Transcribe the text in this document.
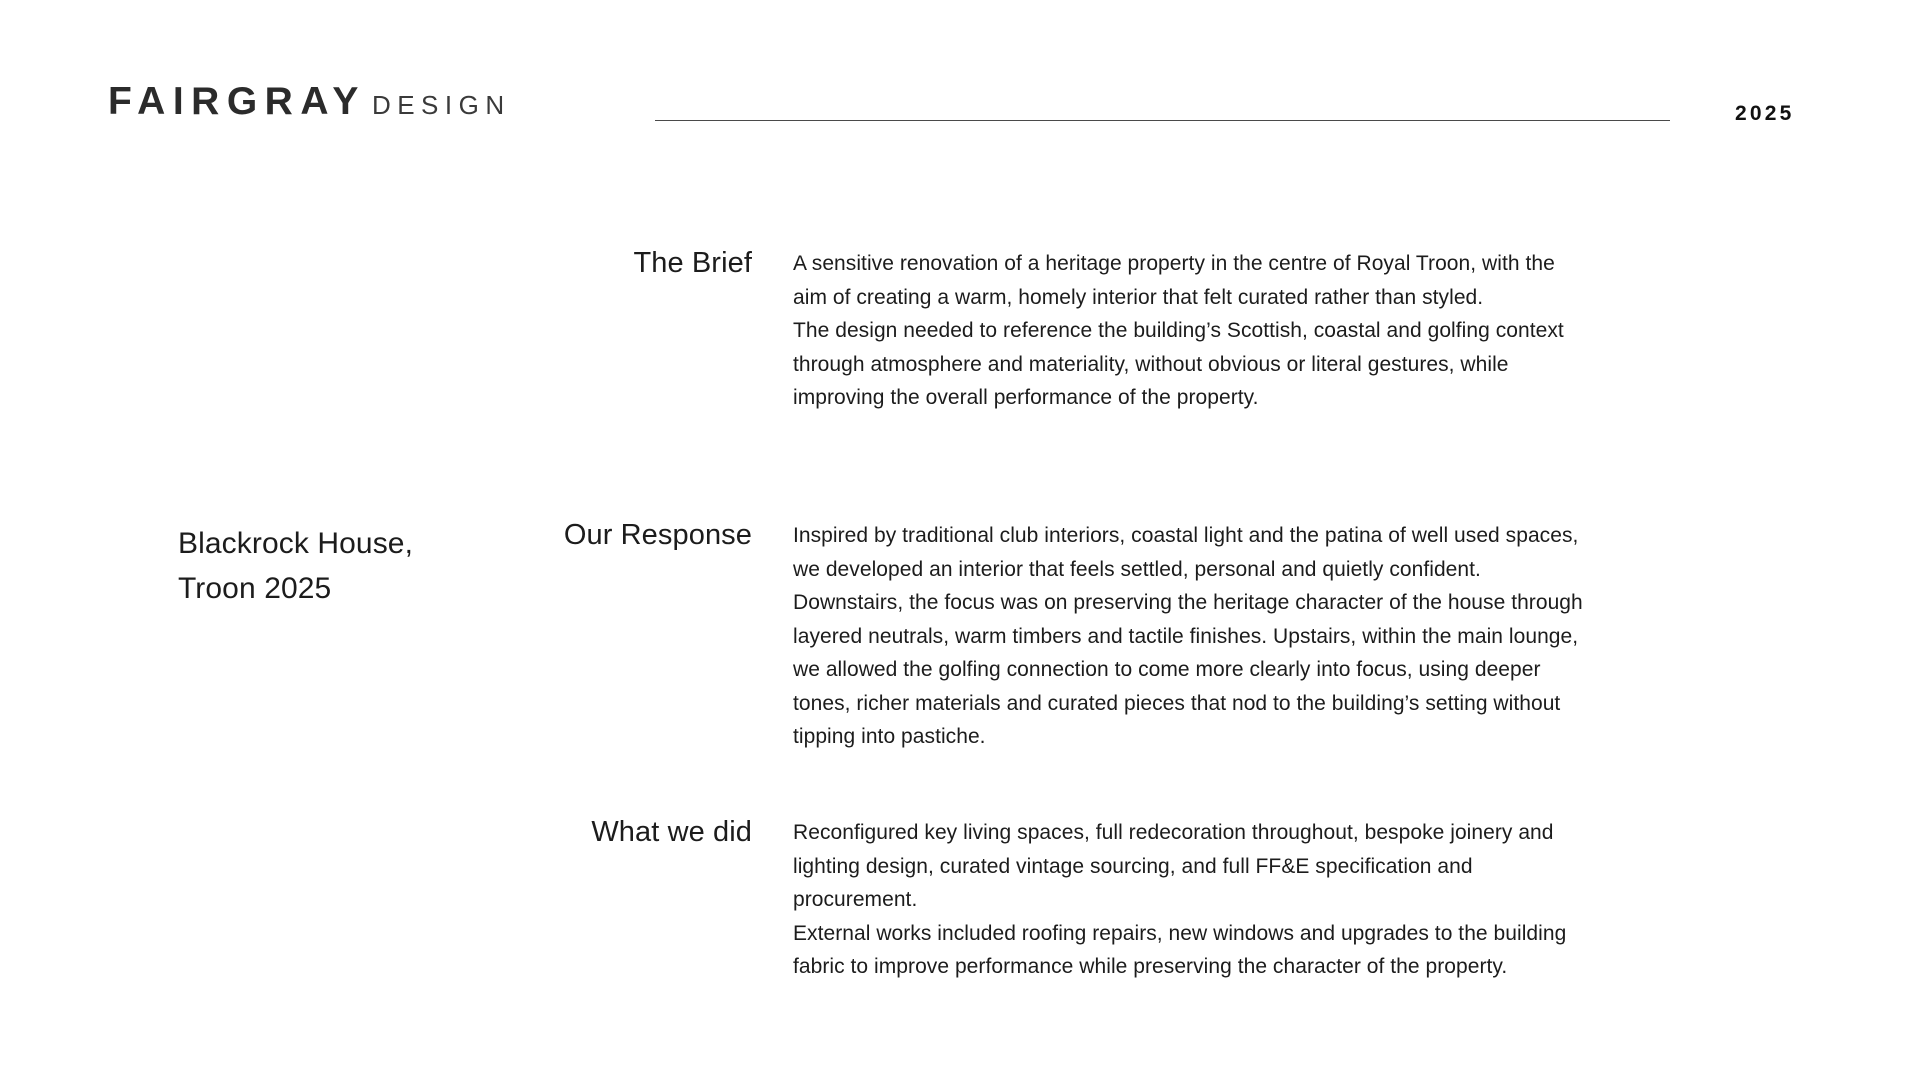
FAIRGRAY DESIGN	2025
Blackrock House,
Troon 2025
The Brief A sensitive renovation of a heritage property in the centre of Royal Troon, with the
aim of creating a warm, homely interior that felt curated rather than styled.
The design needed to reference the building’s Scottish, coastal and golfing context
through atmosphere and materiality, without obvious or literal gestures, while
improving the overall performance of the property.

Our Response Inspired by traditional club interiors, coastal light and the patina of well used spaces,
we developed an interior that feels settled, personal and quietly confident.
Downstairs, the focus was on preserving the heritage character of the house through
layered neutrals, warm timbers and tactile finishes. Upstairs, within the main lounge,
we allowed the golfing connection to come more clearly into focus, using deeper
tones, richer materials and curated pieces that nod to the building’s setting without
tipping into pastiche.

What we did Reconfigured key living spaces, full redecoration throughout, bespoke joinery and
lighting design, curated vintage sourcing, and full FF&E specification and
procurement.
External works included roofing repairs, new windows and upgrades to the building
fabric to improve performance while preserving the character of the property.
